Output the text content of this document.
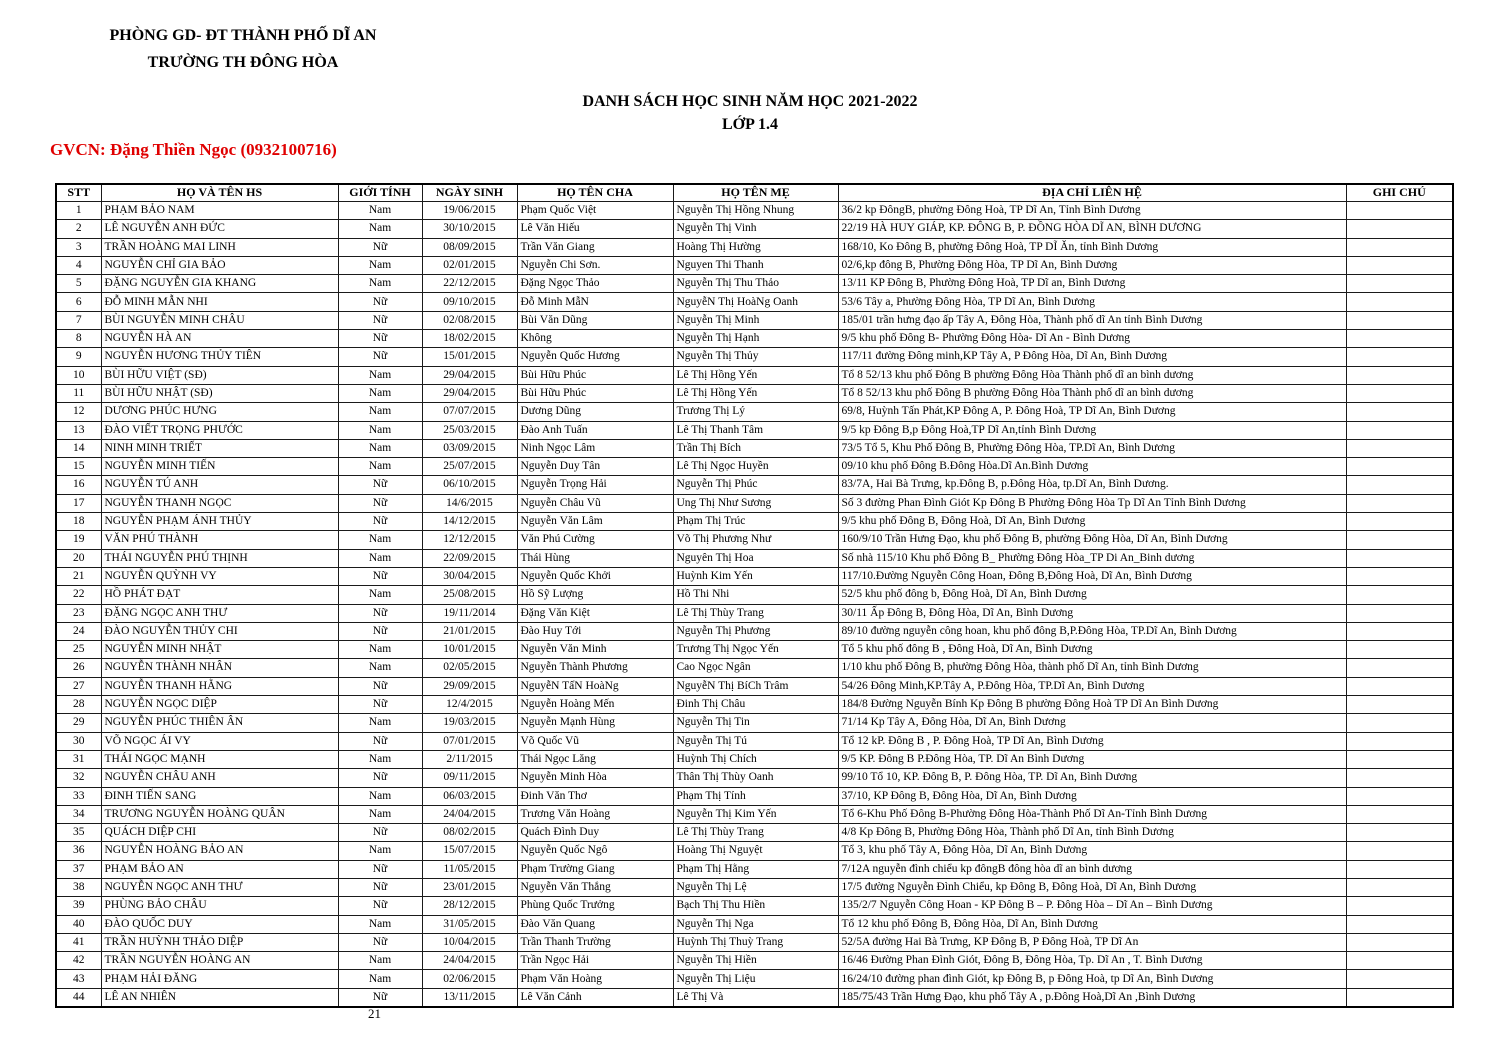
PHÒNG GD- ĐT THÀNH PHỐ DĨ AN
TRƯỜNG TH ĐÔNG HÒA
DANH SÁCH HỌC SINH NĂM HỌC 2021-2022
LỚP 1.4
GVCN: Đặng Thiền Ngọc (0932100716)
STT	HỌ VÀ TÊN HS	GIỚI TÍNH	NGÀY SINH	HỌ TÊN CHA	HỌ TÊN MẸ	ĐỊA CHỈ LIÊN HỆ	GHI CHÚ
1	PHẠM BẢO NAM	Nam	19/06/2015	Phạm Quốc Việt	Nguyễn Thị Hồng Nhung	36/2 kp ĐôngB, phường Đông Hoà, TP Dĩ An, Tỉnh Bình Dương	
2	LÊ NGUYỄN ANH ĐỨC	Nam	30/10/2015	Lê Văn Hiếu	Nguyễn Thị Vinh	22/19 HÀ HUY GIÁP, KP. ĐÔNG B, P. ĐỒNG HÒA DĨ AN, BÌNH DƯƠNG	
3	TRẦN HOÀNG MAI LINH	Nữ	08/09/2015	Trần Văn Giang	Hoàng Thị Hường	168/10, Ko Đông B, phường Đông Hoà, TP DĨ Ăn, tỉnh Bình Dương	
4	NGUYỄN CHỈ GIA BẢO	Nam	02/01/2015	Nguyễn Chi Sơn.	Nguyen Thi Thanh	02/6,kp đông B, Phường Đông Hòa, TP Dĩ An, Bình Dương	
5	ĐẶNG NGUYỄN GIA KHANG	Nam	22/12/2015	Đặng Ngọc Thảo	Nguyễn Thị Thu Thảo	13/11 KP Đông B, Phường Đông Hoà, TP Dĩ an, Bình Dương	
6	ĐỖ MINH MẪN NHI	Nữ	09/10/2015	Đỗ Minh MẫN	NguyễN Thị HoàNg Oanh	53/6 Tây a, Phường Đông Hòa, TP Dĩ An, Bình Dương	
7	BÙI NGUYỄN MINH CHÂU	Nữ	02/08/2015	Bùi Văn Dũng	Nguyễn Thị Minh	185/01 trần hưng đạo ấp Tây A, Đông Hòa, Thành phố dĩ An tỉnh Bình Dương	
8	NGUYỄN HÀ AN	Nữ	18/02/2015	Không	Nguyễn Thị Hạnh	9/5 khu phố Đông B- Phường Đông Hòa- Dĩ An - Bình Dương	
9	NGUYỄN HƯƠNG THỦY TIÊN	Nữ	15/01/2015	Nguyễn Quốc Hương	Nguyễn Thị Thủy	117/11 đường Đông minh,KP Tây A, P Đông Hòa, Dĩ An, Bình Dương	
10	BÙI HỮU VIỆT (SĐ)	Nam	29/04/2015	Bùi Hữu Phúc	Lê Thị Hồng Yến	Tổ 8 52/13 khu phố Đông B phường Đông Hòa Thành phố dĩ an bình dương	
11	BÙI HỮU NHẬT (SĐ)	Nam	29/04/2015	Bùi Hữu Phúc	Lê Thị Hồng Yến	Tổ 8 52/13 khu phố Đông B phường Đông Hòa Thành phố dĩ an bình dương	
12	DƯƠNG PHÚC HƯNG	Nam	07/07/2015	Dương Dũng	Trương Thị Lý	69/8, Huỳnh Tấn Phát,KP Đông A, P. Đông Hoà, TP Dĩ An, Bình Dương	
13	ĐÀO VIẾT TRỌNG PHƯỚC	Nam	25/03/2015	Đào Anh Tuấn	Lê Thị Thanh Tâm	9/5 kp Đông B,p Đông Hoà,TP Dĩ An,tỉnh Bình Dương	
14	NINH MINH TRIẾT	Nam	03/09/2015	Ninh Ngọc Lâm	Trần Thị Bích	73/5 Tổ 5, Khu Phố Đông B, Phường Đông Hòa, TP.Dĩ An, Bình Dương	
15	NGUYỄN MINH TIẾN	Nam	25/07/2015	Nguyễn Duy Tân	Lê Thị Ngọc Huyền	09/10 khu phố Đông B.Đông Hòa.Dĩ An.Bình Dương	
16	NGUYỄN TÚ ANH	Nữ	06/10/2015	Nguyễn Trọng Hải	Nguyễn Thị Phúc	83/7A, Hai Bà Trưng, kp.Đông B, p.Đông Hòa, tp.Dĩ An, Bình Dương.	
17	NGUYỄN THANH NGỌC	Nữ	14/6/2015	Nguyễn Châu Vũ	Ung Thị Như Sương	Số 3 đường Phan Đình Giót Kp Đông B Phường Đông Hòa Tp Dĩ An Tỉnh Bình Dương	
18	NGUYỄN PHẠM ÁNH THỦY	Nữ	14/12/2015	Nguyễn Văn Lâm	Phạm Thị Trúc	9/5 khu phố Đông B, Đông Hoà, Dĩ An, Bình Dương	
19	VĂN PHÚ THÀNH	Nam	12/12/2015	Văn Phú Cường	Võ Thị Phương Như	160/9/10 Trần Hưng Đạo, khu phố Đông B, phường Đông Hòa, Dĩ An, Bình Dương	
20	THÁI NGUYỄN PHÚ THỊNH	Nam	22/09/2015	Thái Hùng	Nguyên Thị Hoa	Số nhà 115/10 Khu phố Đông B_ Phường Đông Hòa_TP Di An_Binh dương	
21	NGUYỄN QUỲNH VY	Nữ	30/04/2015	Nguyễn Quốc Khởi	Huỳnh Kim Yến	117/10.Đường Nguyễn Công Hoan, Đông B,Đông Hoà, Dĩ An, Bình Dương	
22	HỒ PHÁT ĐẠT	Nam	25/08/2015	Hồ Sỹ Lượng	Hồ Thi Nhi	52/5 khu phố đông b, Đông Hoà, Dĩ An, Bình Dương	
23	ĐẶNG NGỌC ANH THƯ	Nữ	19/11/2014	Đặng Văn Kiệt	Lê Thị Thùy Trang	30/11 Ấp Đông B, Đông Hòa, Dĩ An, Bình Dương	
24	ĐÀO NGUYỄN THỦY CHI	Nữ	21/01/2015	Đào Huy Tới	Nguyễn Thị Phương	89/10 đường nguyễn công hoan, khu phố đông B,P.Đông Hòa, TP.Dĩ An, Bình Dương	
25	NGUYỄN MINH NHẬT	Nam	10/01/2015	Nguyễn Văn Minh	Trương Thị Ngọc Yến	Tổ 5 khu phố đông B , Đông Hoà, Dĩ An, Bình Dương	
26	NGUYỄN THÀNH NHÂN	Nam	02/05/2015	Nguyễn Thành Phương	Cao Ngọc Ngân	1/10 khu phố Đông B, phường Đông Hòa, thành phố Dĩ An, tỉnh Bình Dương	
27	NGUYỄN THANH HẰNG	Nữ	29/09/2015	NguyễN TấN HoàNg	NguyễN Thị BíCh Trâm	54/26 Đông Minh,KP.Tây A, P.Đông Hòa, TP.Dĩ An, Bình Dương	
28	NGUYỄN NGỌC DIỆP	Nữ	12/4/2015	Nguyễn Hoàng Mến	Đinh Thị Châu	184/8 Đường Nguyễn Bính Kp Đông B phường Đông Hoà TP Dĩ An Bình Dương	
29	NGUYỄN PHÚC THIÊN ÂN	Nam	19/03/2015	Nguyễn Mạnh Hùng	Nguyễn Thị Tin	71/14 Kp Tây A, Đông Hòa, Dĩ An, Bình Dương	
30	VÕ NGỌC ÁI VY	Nữ	07/01/2015	Võ Quốc Vũ	Nguyễn Thị Tú	Tổ 12 kP. Đông B , P. Đông Hoà, TP Dĩ An, Bình Dương	
31	THÁI NGỌC MẠNH	Nam	2/11/2015	Thái Ngọc Lăng	Huỳnh Thị Chích	9/5 KP. Đông B P.Đông Hòa, TP. Dĩ An Bình Dương	
32	NGUYỄN CHÂU ANH	Nữ	09/11/2015	Nguyễn Minh Hòa	Thân Thị Thùy Oanh	99/10 Tổ 10, KP. Đông B, P. Đông Hòa, TP. Dĩ An, Bình Dương	
33	ĐINH TIẾN SANG	Nam	06/03/2015	Đinh Văn Thơ	Phạm Thị Tính	37/10, KP Đông B, Đông Hòa, Dĩ An, Bình Dương	
34	TRƯƠNG NGUYỄN HOÀNG QUÂN	Nam	24/04/2015	Trương Văn Hoàng	Nguyễn Thị Kim Yến	Tổ 6-Khu Phố Đông B-Phường Đông Hòa-Thành Phố Dĩ An-Tỉnh Bình Dương	
35	QUÁCH DIỆP CHI	Nữ	08/02/2015	Quách Đình Duy	Lê Thị Thùy Trang	4/8 Kp Đông B, Phường Đông Hòa, Thành phố Dĩ An, tỉnh Bình Dương	
36	NGUYỄN HOÀNG BẢO AN	Nam	15/07/2015	Nguyễn Quốc Ngô	Hoàng Thị Nguyệt	Tổ 3, khu phố Tây A, Đông Hòa, Dĩ An, Bình Dương	
37	PHẠM BẢO AN	Nữ	11/05/2015	Phạm Trường Giang	Phạm Thị Hằng	7/12A nguyễn đình chiểu kp đôngB đông hòa dĩ an bình dương	
38	NGUYỄN NGỌC ANH THƯ	Nữ	23/01/2015	Nguyễn Văn Thắng	Nguyễn Thị Lệ	17/5 đường Nguyễn Đình Chiểu, kp Đông B, Đông Hoà, Dĩ An, Bình Dương	
39	PHÙNG BẢO CHÂU	Nữ	28/12/2015	Phùng Quốc Trưởng	Bạch Thị Thu Hiền	135/2/7 Nguyễn Công Hoan - KP Đông B – P. Đông Hòa – Dĩ An – Bình Dương	
40	ĐÀO QUỐC DUY	Nam	31/05/2015	Đào Văn Quang	Nguyễn Thị Nga	Tổ 12 khu phố Đông B, Đông Hòa, Dĩ An, Bình Dương	
41	TRẦN HUỲNH THẢO DIỆP	Nữ	10/04/2015	Trần Thanh Trường	Huỳnh Thị Thuỳ Trang	52/5A đường Hai Bà Trưng, KP Đông B, P Đông Hoà, TP Dĩ An	
42	TRẦN NGUYỄN HOÀNG AN	Nam	24/04/2015	Trần Ngọc Hải	Nguyễn Thị Hiền	16/46 Đường Phan Đình Giót, Đông B, Đông Hòa, Tp. Dĩ An , T. Bình Dương	
43	PHẠM HẢI ĐĂNG	Nam	02/06/2015	Phạm Văn Hoàng	Nguyễn Thị Liệu	16/24/10 đường phan đình Giót, kp Đông B, p Đông Hoà, tp Dĩ An, Bình Dương	
44	LÊ AN NHIÊN	Nữ	13/11/2015	Lê Văn Cảnh	Lê Thị Và	185/75/43 Trần Hưng Đạo, khu phố Tây A , p.Đông Hoà,Dĩ An ,Bình Dương	
21
